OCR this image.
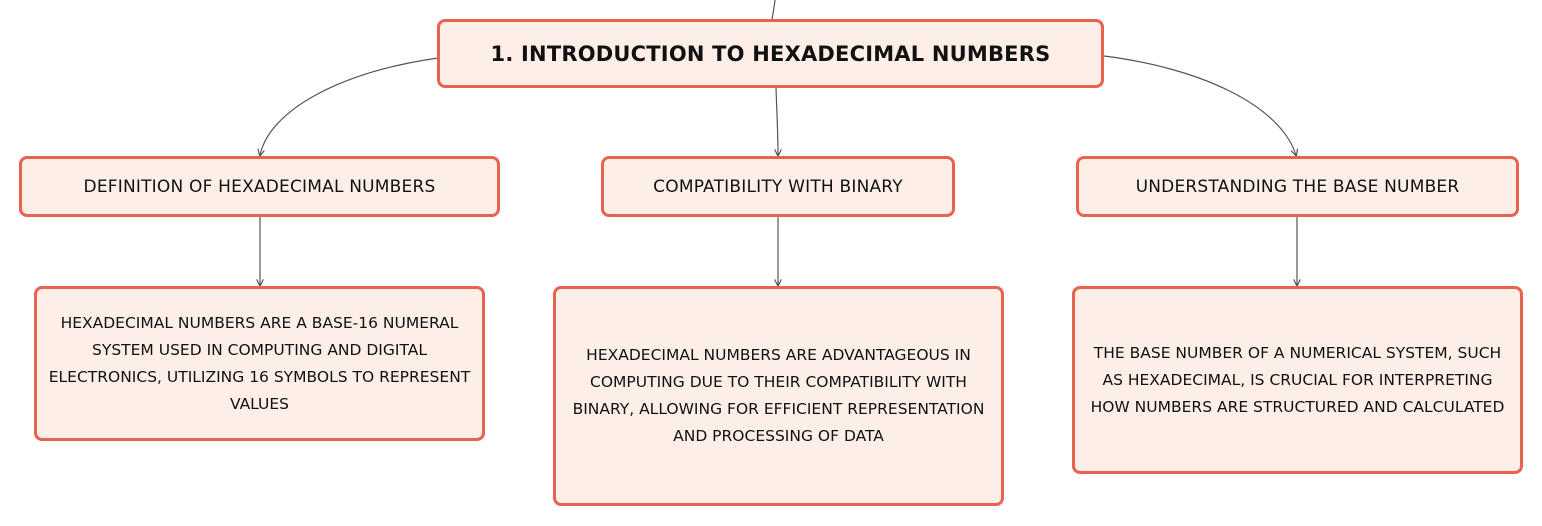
1. INTRODUCTION TO HEXADECIMAL NUMBERS
DEFINITION OF HEXADECIMAL NUMBERS	COMPATIBILITY WITH BINARY	UNDERSTANDING THE BASE NUMBER
HEXADECIMAL NUMBERS ARE A BASE-16 NUMERAL SYSTEM USED IN COMPUTING AND DIGITAL ELECTRONICS, UTILIZING 16 SYMBOLS TO REPRESENT VALUES
HEXADECIMAL NUMBERS ARE ADVANTAGEOUS IN COMPUTING DUE TO THEIR COMPATIBILITY WITH BINARY, ALLOWING FOR EFFICIENT REPRESENTATION AND PROCESSING OF DATA
THE BASE NUMBER OF A NUMERICAL SYSTEM, SUCH AS HEXADECIMAL, IS CRUCIAL FOR INTERPRETING HOW NUMBERS ARE STRUCTURED AND CALCULATED
